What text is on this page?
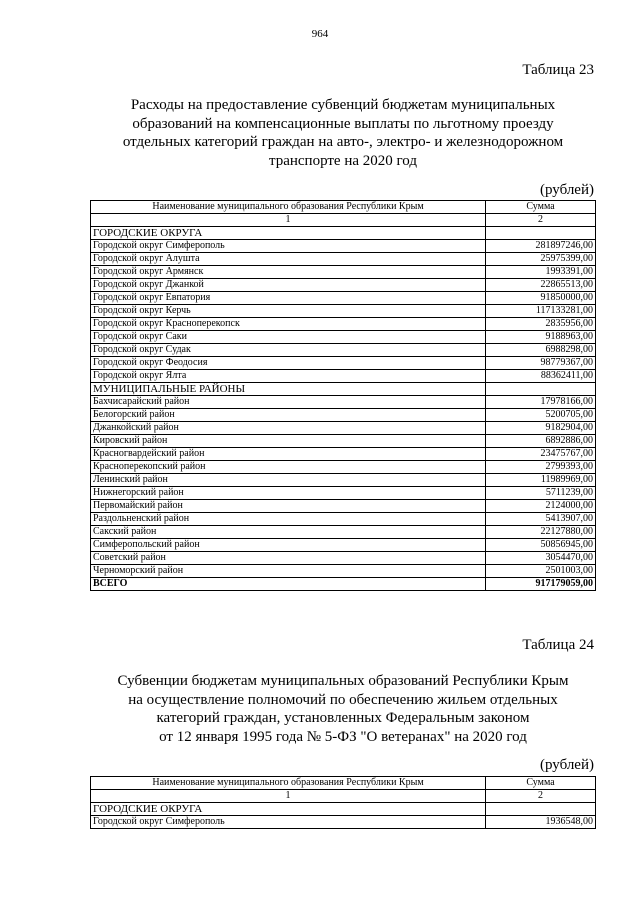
964
Таблица 23
Расходы на предоставление субвенций бюджетам муниципальных
образований на компенсационные выплаты по льготному проезду
отдельных категорий граждан на авто-, электро- и железнодорожном
транспорте на 2020 год
(рублей)
Наименование муниципального образования Республики Крым	Сумма
1	2
ГОРОДСКИЕ ОКРУГА	
Городской округ Симферополь	281897246,00
Городской округ Алушта	25975399,00
Городской округ Армянск	1993391,00
Городской округ Джанкой	22865513,00
Городской округ Евпатория	91850000,00
Городской округ Керчь	117133281,00
Городской округ Красноперекопск	2835956,00
Городской округ Саки	9188963,00
Городской округ Судак	6988298,00
Городской округ Феодосия	98779367,00
Городской округ Ялта	88362411,00
МУНИЦИПАЛЬНЫЕ РАЙОНЫ	
Бахчисарайский район	17978166,00
Белогорский район	5200705,00
Джанкойский район	9182904,00
Кировский район	6892886,00
Красногвардейский район	23475767,00
Красноперекопский район	2799393,00
Ленинский район	11989969,00
Нижнегорский район	5711239,00
Первомайский район	2124000,00
Раздольненский район	5413907,00
Сакский район	22127880,00
Симферопольский район	50856945,00
Советский район	3054470,00
Черноморский район	2501003,00
ВСЕГО	917179059,00
Таблица 24
Субвенции бюджетам муниципальных образований Республики Крым
на осуществление полномочий по обеспечению жильем отдельных
категорий граждан, установленных Федеральным законом
от 12 января 1995 года № 5-ФЗ "О ветеранах" на 2020 год
(рублей)
Наименование муниципального образования Республики Крым	Сумма
1	2
ГОРОДСКИЕ ОКРУГА	
Городской округ Симферополь	1936548,00
